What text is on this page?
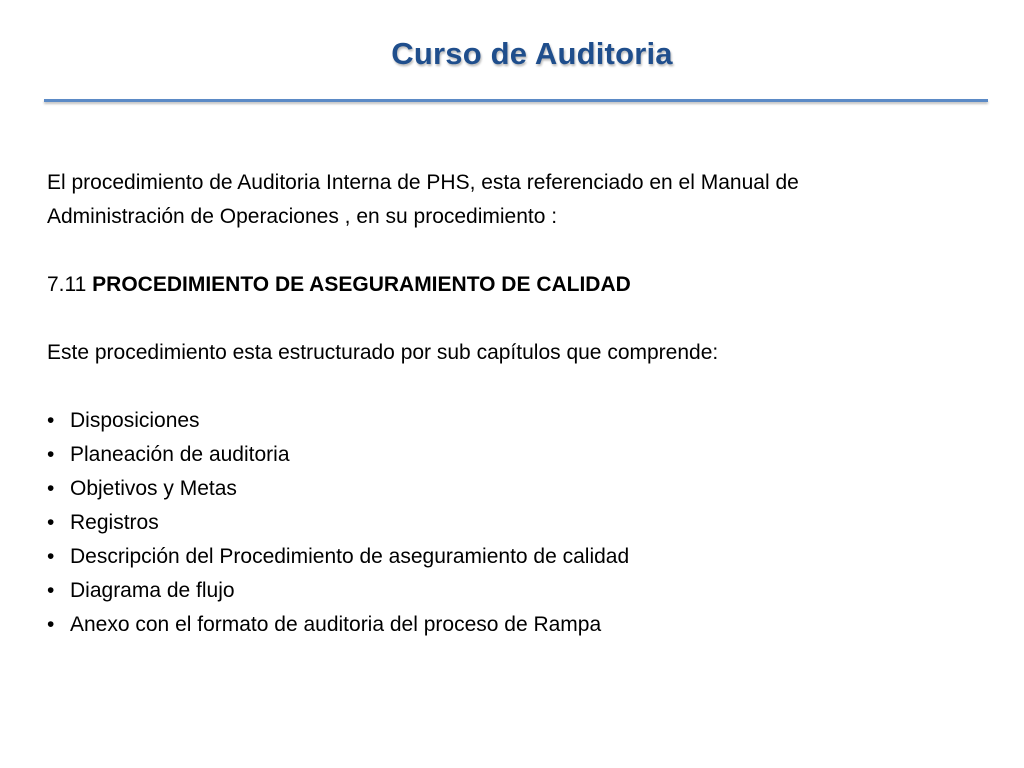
Curso de Auditoria

El procedimiento de Auditoria Interna de PHS, esta referenciado en el Manual de
Administración de Operaciones , en su procedimiento :

7.11 PROCEDIMIENTO DE ASEGURAMIENTO DE CALIDAD

Este procedimiento esta estructurado por sub capítulos que comprende:

• Disposiciones
• Planeación de auditoria
• Objetivos y Metas
• Registros
• Descripción del Procedimiento de aseguramiento de calidad
• Diagrama de flujo
• Anexo con el formato de auditoria del proceso de Rampa
